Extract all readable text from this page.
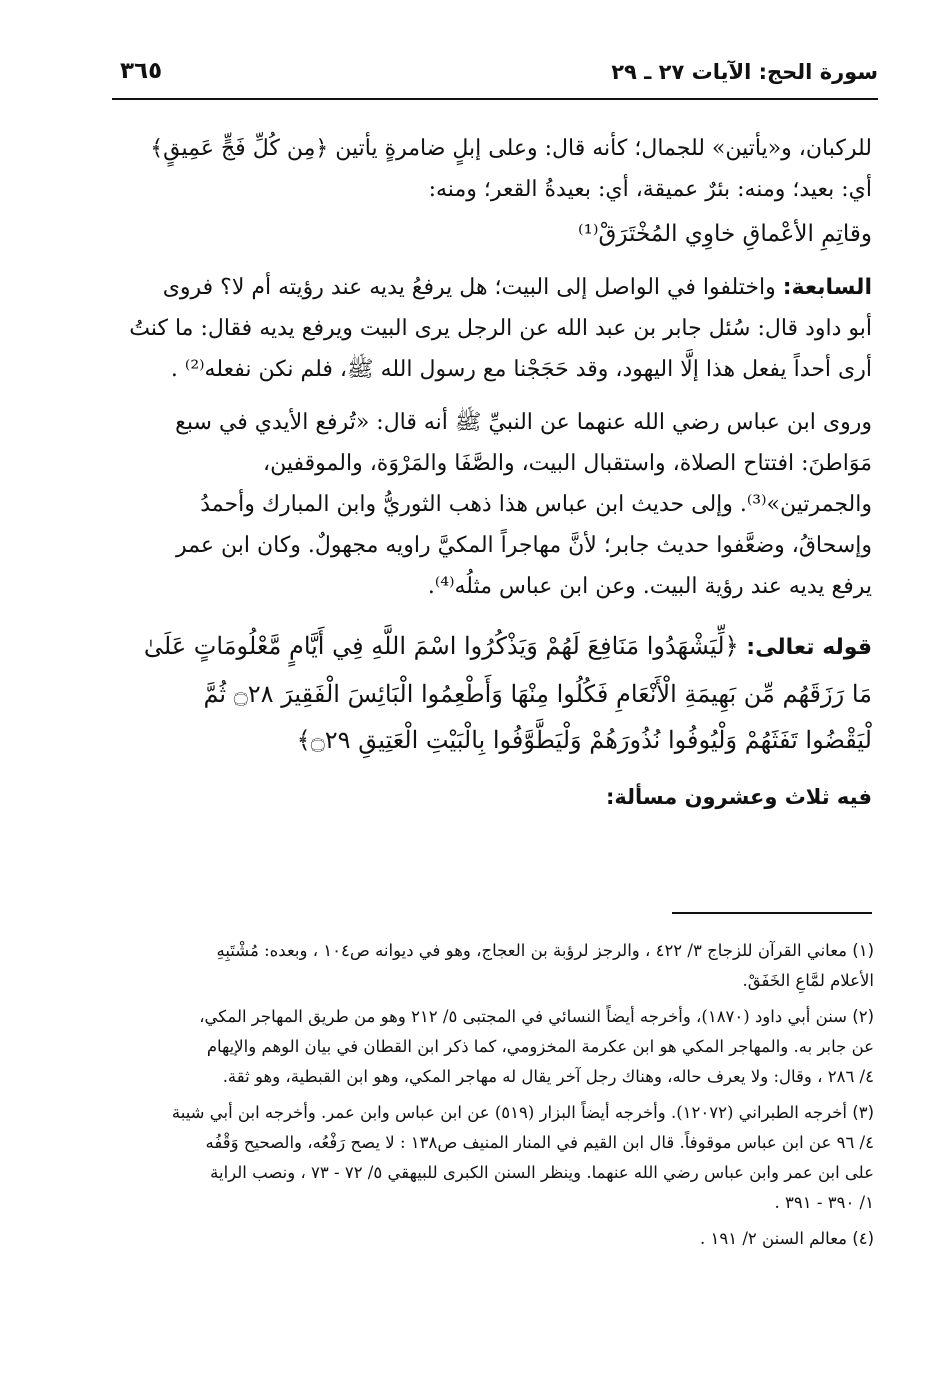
سورة الحج: الآيات ٢٧ ـ ٢٩
٣٦٥
للركبان، و«يأتين» للجمال؛ كأنه قال: وعلى إبلٍ ضامرةٍ يأتين ﴿مِن كُلِّ فَجٍّ عَمِيقٍ﴾
أي: بعيد؛ ومنه: بئرٌ عميقة، أي: بعيدةُ القعر؛ ومنه:
وقاتِمِ الأعْماقِ خاوِي المُخْتَرَقْ⁽¹⁾
السابعة: واختلفوا في الواصل إلى البيت؛ هل يرفعُ يديه عند رؤيته أم لا؟ فروى
أبو داود قال: سُئل جابر بن عبد الله عن الرجل يرى البيت ويرفع يديه فقال: ما كنتُ
أرى أحداً يفعل هذا إلَّا اليهود، وقد حَجَجْنا مع رسول الله ﷺ، فلم نكن نفعله⁽²⁾ .
وروى ابن عباس رضي الله عنهما عن النبيِّ ﷺ أنه قال: «تُرفع الأيدي في سبع
مَوَاطنَ: افتتاح الصلاة، واستقبال البيت، والصَّفَا والمَرْوَة، والموقفين،
والجمرتين»⁽³⁾. وإلى حديث ابن عباس هذا ذهب الثوريُّ وابن المبارك وأحمدُ
وإسحاقُ، وضعَّفوا حديث جابر؛ لأنَّ مهاجراً المكيَّ راويه مجهولٌ. وكان ابن عمر
يرفع يديه عند رؤية البيت. وعن ابن عباس مثلُه⁽⁴⁾.
قوله تعالى: ﴿لِّيَشْهَدُوا مَنَافِعَ لَهُمْ وَيَذْكُرُوا اسْمَ اللَّهِ فِي أَيَّامٍ مَّعْلُومَاتٍ عَلَىٰ
مَا رَزَقَهُم مِّن بَهِيمَةِ الْأَنْعَامِ فَكُلُوا مِنْهَا وَأَطْعِمُوا الْبَائِسَ الْفَقِيرَ ۝٢٨ ثُمَّ
لْيَقْضُوا تَفَثَهُمْ وَلْيُوفُوا نُذُورَهُمْ وَلْيَطَّوَّفُوا بِالْبَيْتِ الْعَتِيقِ ۝٢٩﴾
فيه ثلاث وعشرون مسألة:
(١) معاني القرآن للزجاج ٣/ ٤٢٢ ، والرجز لرؤبة بن العجاج، وهو في ديوانه ص١٠٤ ، وبعده: مُشْتَبِهِ
الأعلام لمَّاعِ الخَفَقْ.
(٢) سنن أبي داود (١٨٧٠)، وأخرجه أيضاً النسائي في المجتبى ٥/ ٢١٢ وهو من طريق المهاجر المكي،
عن جابر به. والمهاجر المكي هو ابن عكرمة المخزومي، كما ذكر ابن القطان في بيان الوهم والإيهام
٤/ ٢٨٦ ، وقال: ولا يعرف حاله، وهناك رجل آخر يقال له مهاجر المكي، وهو ابن القبطية، وهو ثقة.
(٣) أخرجه الطبراني (١٢٠٧٢). وأخرجه أيضاً البزار (٥١٩) عن ابن عباس وابن عمر. وأخرجه ابن أبي شيبة
٤/ ٩٦ عن ابن عباس موقوفاً. قال ابن القيم في المنار المنيف ص١٣٨ : لا يصح رَفْعُه، والصحيح وَقْفُه
على ابن عمر وابن عباس رضي الله عنهما. وينظر السنن الكبرى للبيهقي ٥/ ٧٢ - ٧٣ ، ونصب الراية
١/ ٣٩٠ - ٣٩١ .
(٤) معالم السنن ٢/ ١٩١ .
